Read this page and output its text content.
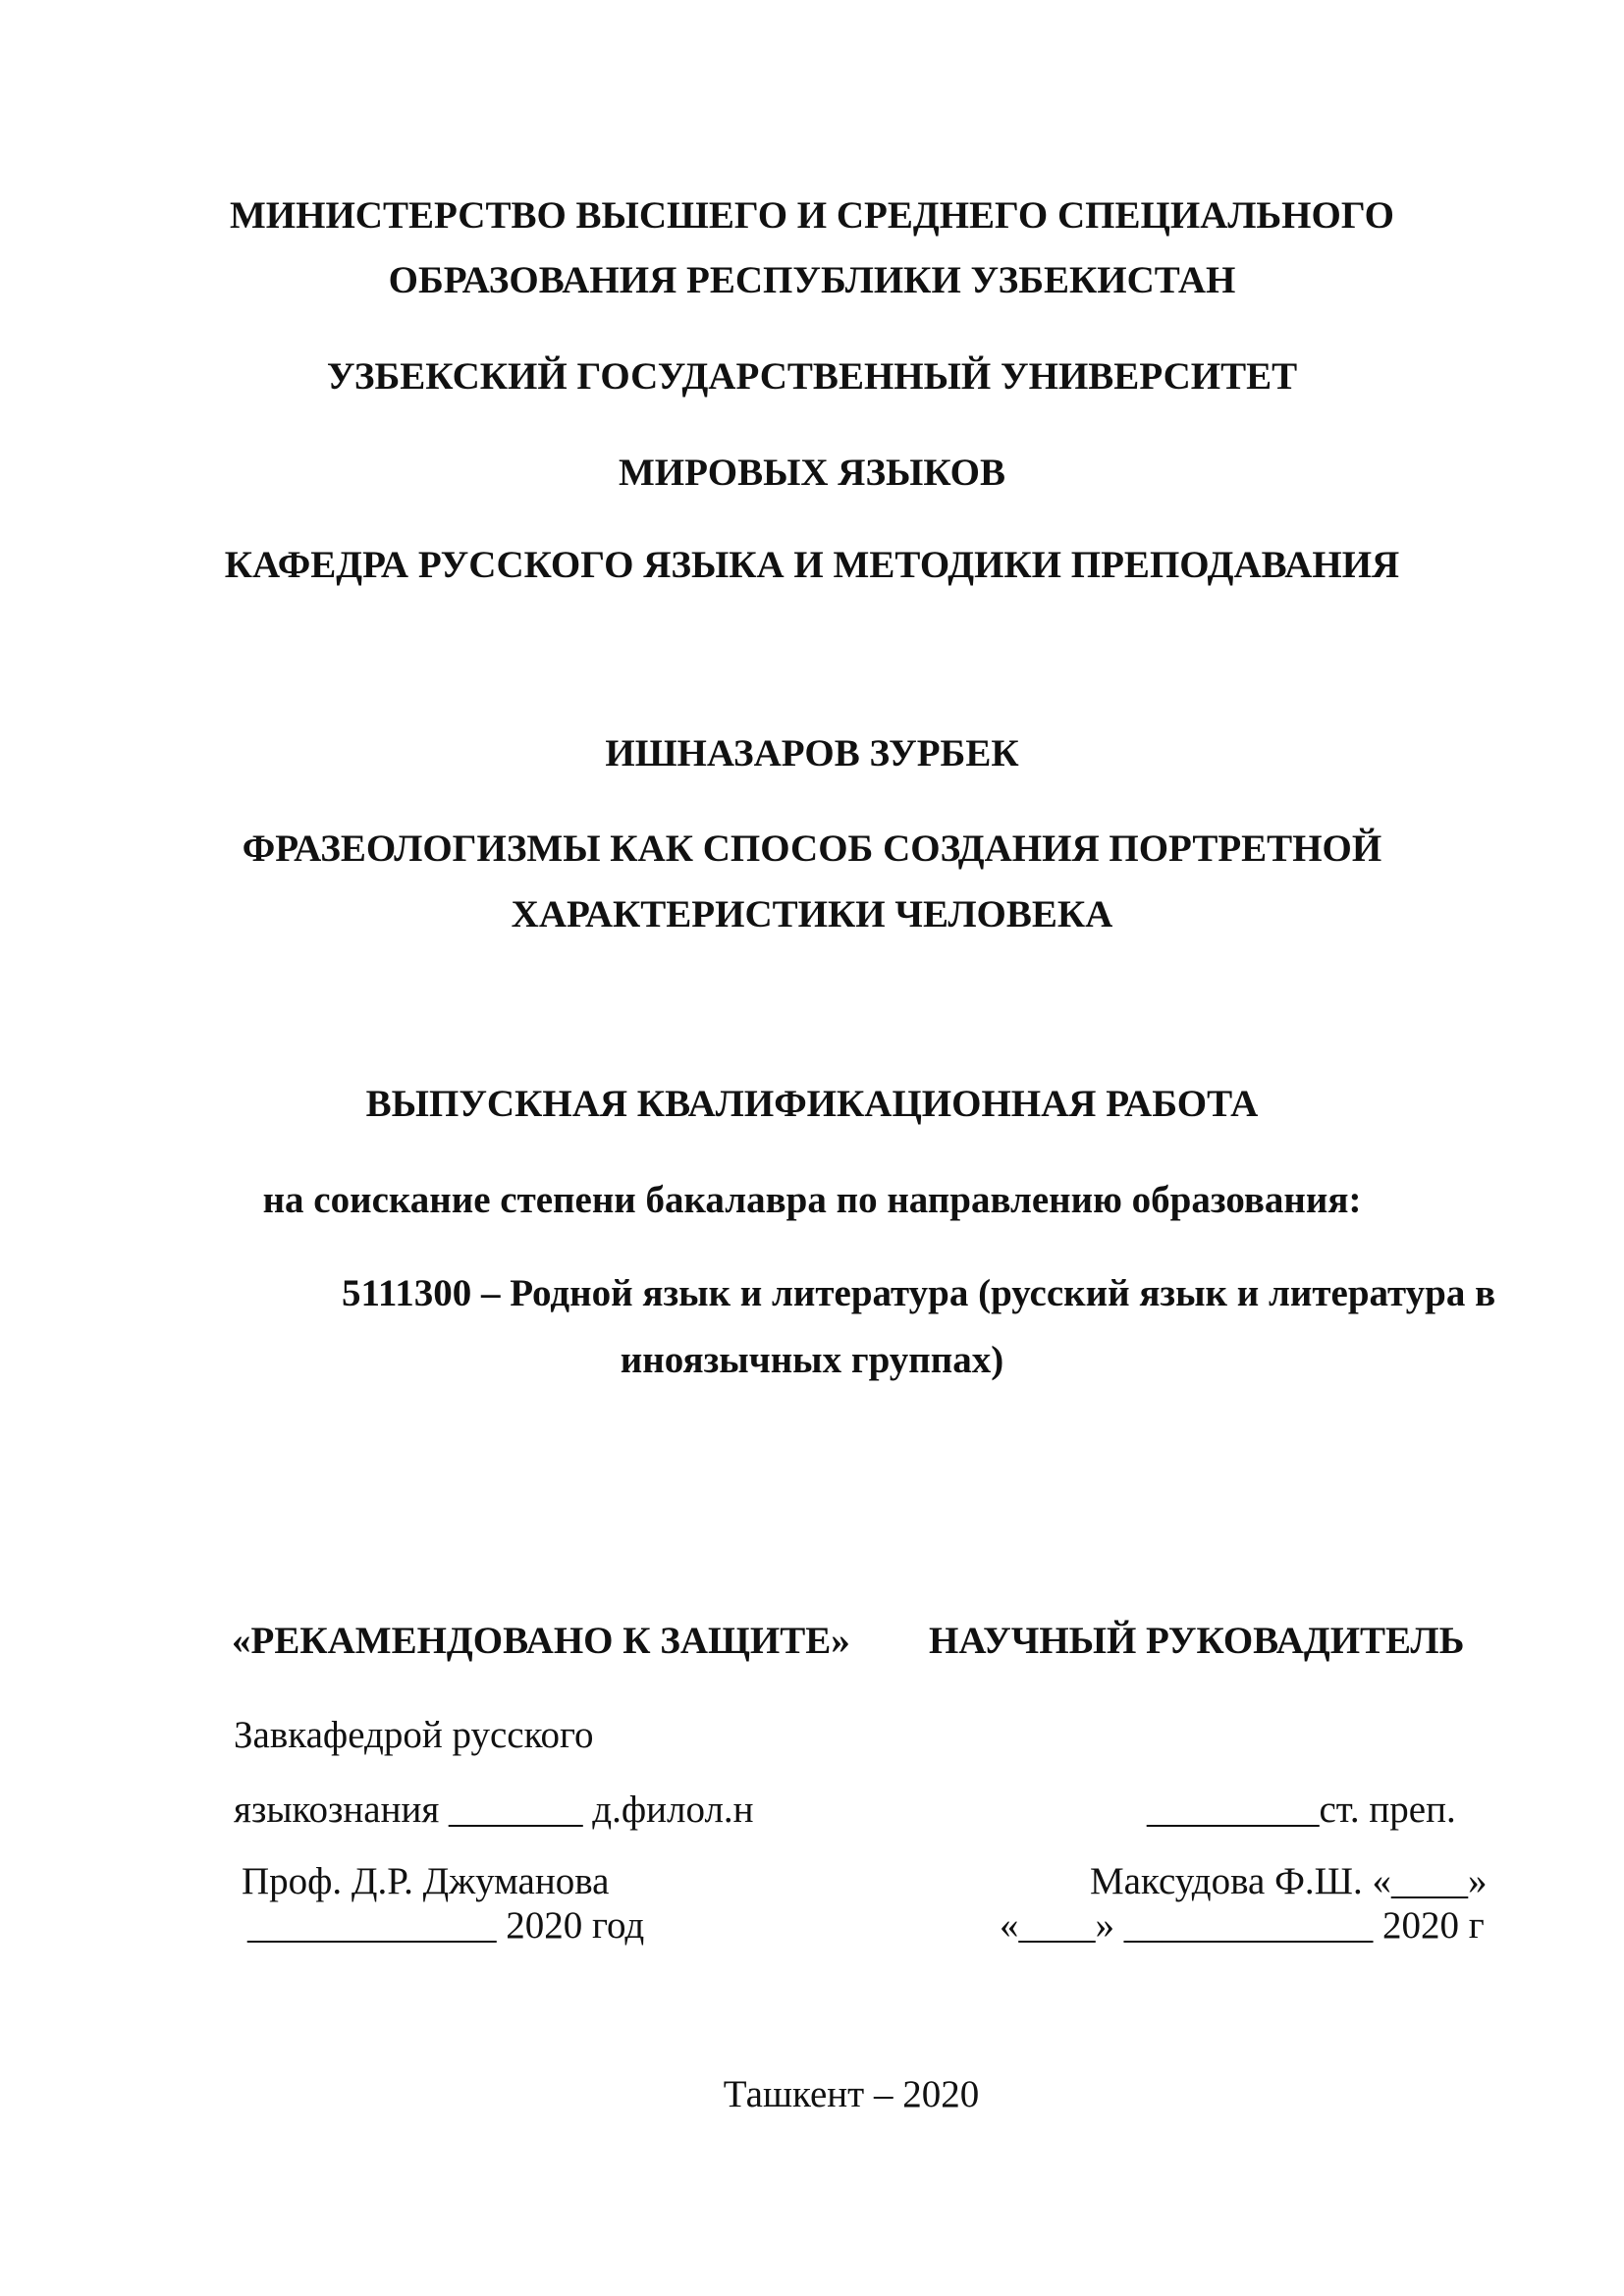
МИНИСТЕРСТВО ВЫСШЕГО И СРЕДНЕГО СПЕЦИАЛЬНОГО
ОБРАЗОВАНИЯ РЕСПУБЛИКИ УЗБЕКИСТАН
УЗБЕКСКИЙ ГОСУДАРСТВЕННЫЙ УНИВЕРСИТЕТ
МИРОВЫХ ЯЗЫКОВ
КАФЕДРА РУССКОГО ЯЗЫКА И МЕТОДИКИ ПРЕПОДАВАНИЯ
ИШНАЗАРОВ ЗУРБЕК
ФРАЗЕОЛОГИЗМЫ КАК СПОСОБ СОЗДАНИЯ ПОРТРЕТНОЙ
ХАРАКТЕРИСТИКИ ЧЕЛОВЕКА
ВЫПУСКНАЯ КВАЛИФИКАЦИОННАЯ РАБОТА
на соискание степени бакалавра по направлению образования:
5111300 – Родной язык и литература (русский язык и литература в
иноязычных группах)
«РЕКАМЕНДОВАНО К ЗАЩИТЕ» НАУЧНЫЙ РУКОВАДИТЕЛЬ
Завкафедрой русского
языкознания _______ д.филол.н	_________ст. преп.
Проф. Д.Р. Джуманова	Максудова Ф.Ш. «____»
_____________ 2020 год	«____» _____________ 2020 г
Ташкент – 2020
